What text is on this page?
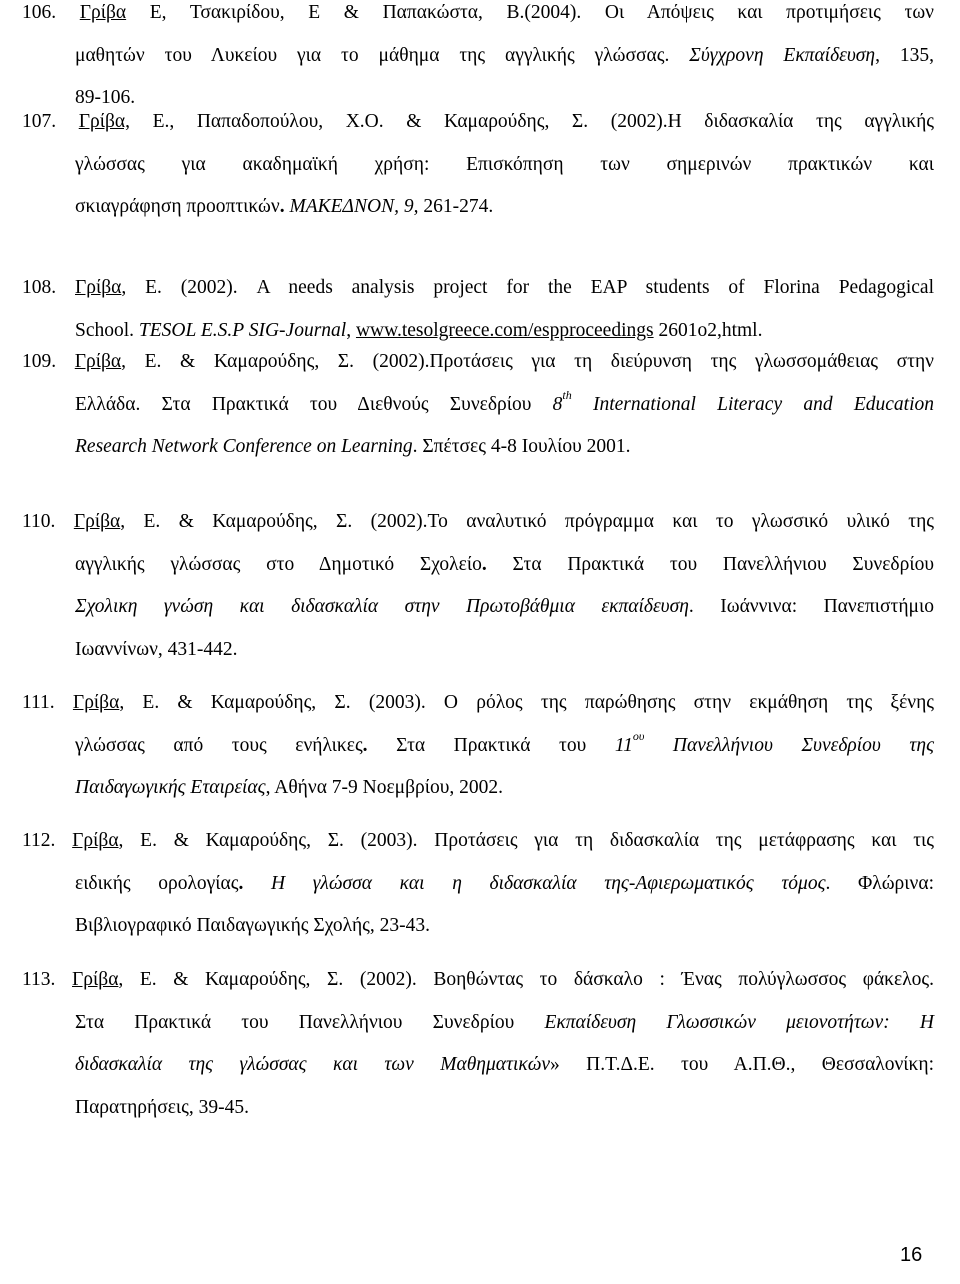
106. Γρίβα Ε, Τσακιρίδου, Ε & Παπακώστα, Β.(2004). Οι Απόψεις και προτιμήσεις των

μαθητών του Λυκείου για το μάθημα της αγγλικής γλώσσας. Σύγχρονη Εκπαίδευση, 135,

89-106.

107. Γρίβα, Ε., Παπαδοπούλου, Χ.Ο. & Καμαρούδης, Σ. (2002).Η διδασκαλία της αγγλικής

γλώσσας για ακαδημαϊκή χρήση: Επισκόπηση των σημερινών πρακτικών και

σκιαγράφηση προοπτικών. ΜΑΚΕΔΝΟΝ, 9, 261-274.

108. Γρίβα, Ε. (2002). A needs analysis project for the EAP students of Florina Pedagogical

School. TESOL E.S.P SIG-Journal, www.tesolgreece.com/espproceedings 2601o2,html.

109. Γρίβα, Ε. & Καμαρούδης, Σ. (2002).Προτάσεις για τη διεύρυνση της γλωσσομάθειας στην

Ελλάδα. Στα Πρακτικά του Διεθνούς Συνεδρίου 8th International Literacy and Education

Research Network Conference on Learning. Σπέτσες 4-8 Ιουλίου 2001.

110. Γρίβα, Ε. & Καμαρούδης, Σ. (2002).Το αναλυτικό πρόγραμμα και το γλωσσικό υλικό της

αγγλικής γλώσσας στο Δημοτικό Σχολείο. Στα Πρακτικά του Πανελλήνιου Συνεδρίου

Σχολικη γνώση και διδασκαλία στην Πρωτοβάθμια εκπαίδευση. Ιωάννινα: Πανεπιστήμιο

Ιωαννίνων, 431-442.

111. Γρίβα, Ε. & Καμαρούδης, Σ. (2003). Ο ρόλος της παρώθησης στην εκμάθηση της ξένης

γλώσσας από τους ενήλικες. Στα Πρακτικά του $11^{o\upsilon}$ Πανελλήνιου Συνεδρίου της

Παιδαγωγικής Εταιρείας, Αθήνα 7-9 Νοεμβρίου, 2002.

112. Γρίβα, Ε. & Καμαρούδης, Σ. (2003). Προτάσεις για τη διδασκαλία της μετάφρασης και τις

ειδικής ορολογίας. Η γλώσσα και η διδασκαλία της-Αφιερωματικός τόμος. Φλώρινα:

Βιβλιογραφικό Παιδαγωγικής Σχολής, 23-43.

113. Γρίβα, Ε. & Καμαρούδης, Σ. (2002). Βοηθώντας το δάσκαλο : Ένας πολύγλωσσος φάκελος.

Στα Πρακτικά του Πανελλήνιου Συνεδρίου Εκπαίδευση Γλωσσικών μειονοτήτων: Η

διδασκαλία της γλώσσας και των Μαθηματικών» Π.Τ.Δ.Ε. του Α.Π.Θ., Θεσσαλονίκη:

Παρατηρήσεις, 39-45.

16
